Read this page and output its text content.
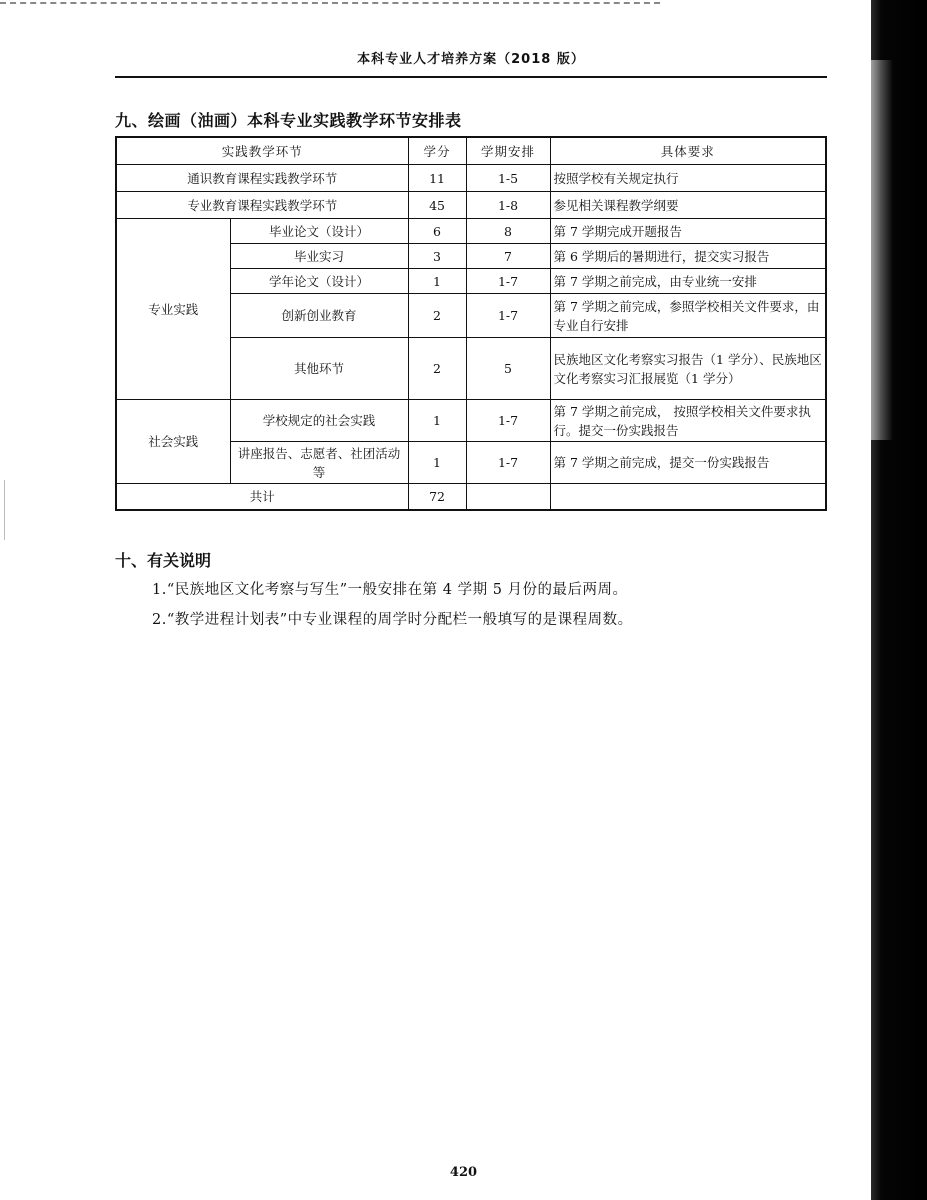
本科专业人才培养方案（2018 版）
九、绘画（油画）本科专业实践教学环节安排表
实践教学环节		学分	学期安排	具体要求
通识教育课程实践教学环节		11	1-5	按照学校有关规定执行
专业教育课程实践教学环节		45	1-8	参见相关课程教学纲要
专业实践	毕业论文（设计）	6	8	第 7 学期完成开题报告
	毕业实习	3	7	第 6 学期后的暑期进行，提交实习报告
	学年论文（设计）	1	1-7	第 7 学期之前完成，由专业统一安排
	创新创业教育	2	1-7	第 7 学期之前完成，参照学校相关文件要求，由专业自行安排
	其他环节	2	5	民族地区文化考察实习报告（1 学分）、民族地区文化考察实习汇报展览（1 学分）
社会实践	学校规定的社会实践	1	1-7	第 7 学期之前完成， 按照学校相关文件要求执行。提交一份实践报告
	讲座报告、志愿者、社团活动等	1	1-7	第 7 学期之前完成，提交一份实践报告
共计		72		
十、有关说明
1.“民族地区文化考察与写生”一般安排在第 4 学期 5 月份的最后两周。
2.“教学进程计划表”中专业课程的周学时分配栏一般填写的是课程周数。
420
